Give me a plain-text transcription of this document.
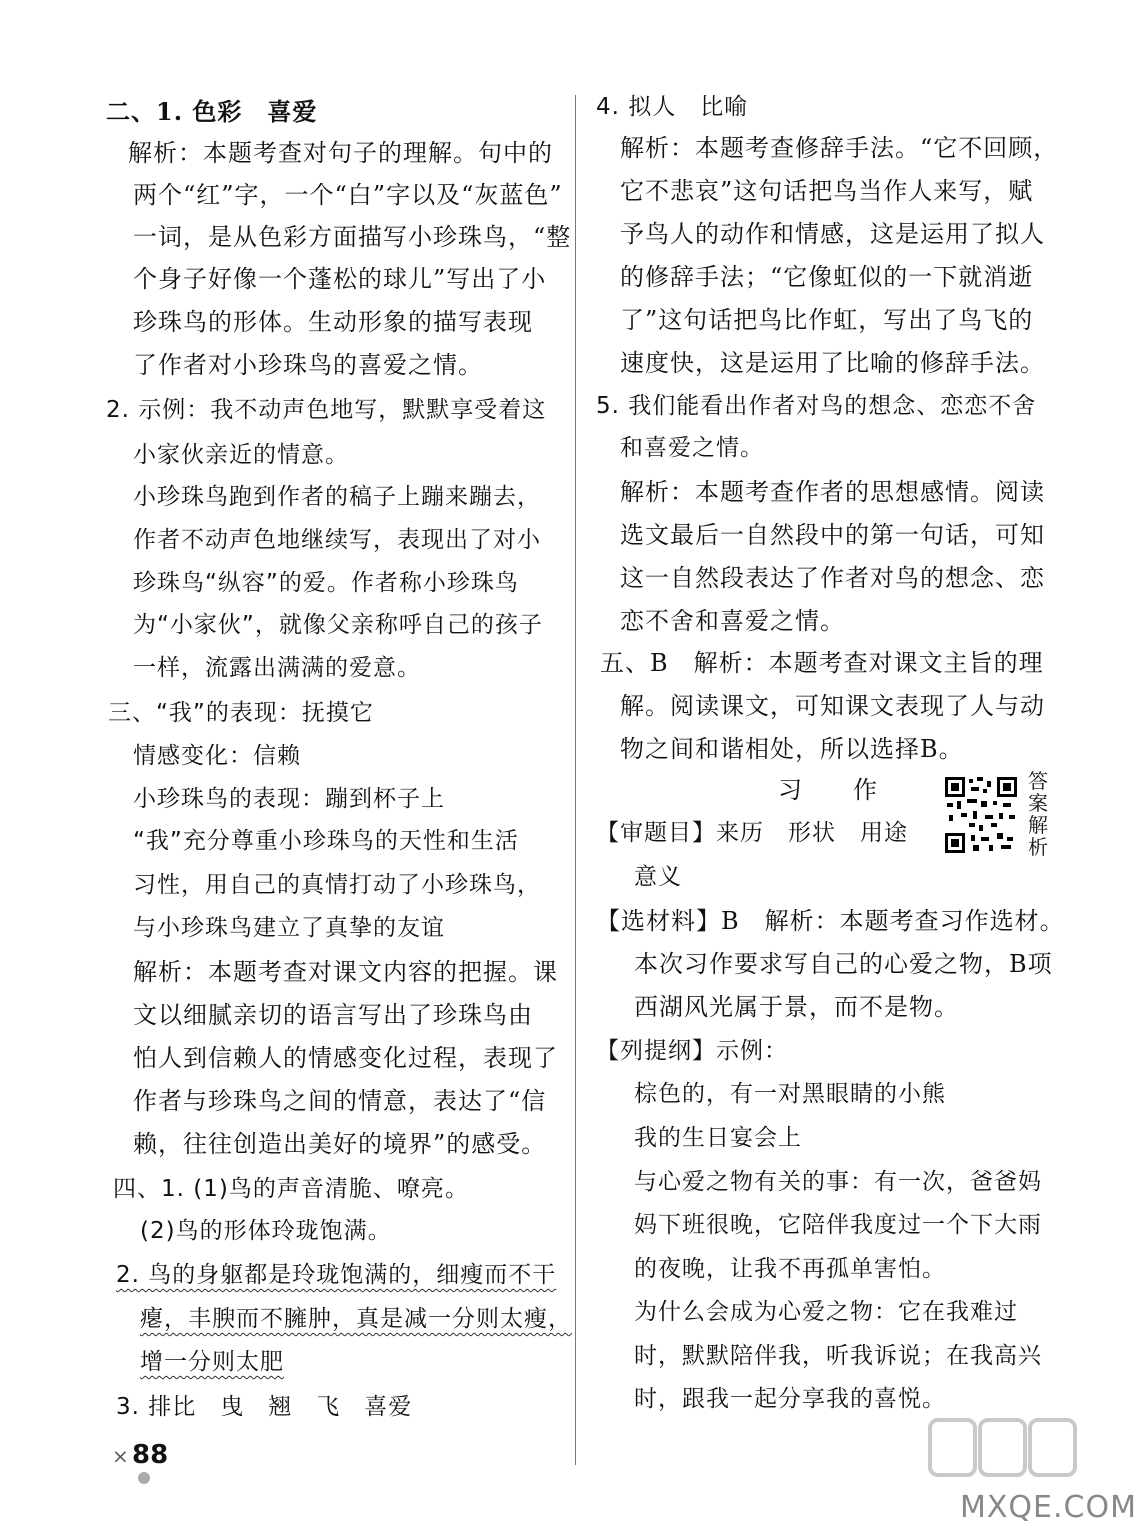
二、1. 色彩　喜爱
解析：本题考查对句子的理解。句中的
两个“红”字，一个“白”字以及“灰蓝色”
一词，是从色彩方面描写小珍珠鸟，“整
个身子好像一个蓬松的球儿”写出了小
珍珠鸟的形体。生动形象的描写表现
了作者对小珍珠鸟的喜爱之情。
2. 示例：我不动声色地写，默默享受着这
小家伙亲近的情意。
小珍珠鸟跑到作者的稿子上蹦来蹦去，
作者不动声色地继续写，表现出了对小
珍珠鸟“纵容”的爱。作者称小珍珠鸟
为“小家伙”，就像父亲称呼自己的孩子
一样，流露出满满的爱意。
三、“我”的表现：抚摸它
情感变化：信赖
小珍珠鸟的表现：蹦到杯子上
“我”充分尊重小珍珠鸟的天性和生活
习性，用自己的真情打动了小珍珠鸟，
与小珍珠鸟建立了真挚的友谊
解析：本题考查对课文内容的把握。课
文以细腻亲切的语言写出了珍珠鸟由
怕人到信赖人的情感变化过程，表现了
作者与珍珠鸟之间的情意，表达了“信
赖，往往创造出美好的境界”的感受。
四、1. (1)鸟的声音清脆、嘹亮。
(2)鸟的形体玲珑饱满。
2. 鸟的身躯都是玲珑饱满的，细瘦而不干
瘪，丰腴而不臃肿，真是减一分则太瘦，
增一分则太肥
3. 排比　曳　翘　飞　喜爱
4. 拟人　比喻
解析：本题考查修辞手法。“它不回顾，
它不悲哀”这句话把鸟当作人来写，赋
予鸟人的动作和情感，这是运用了拟人
的修辞手法；“它像虹似的一下就消逝
了”这句话把鸟比作虹，写出了鸟飞的
速度快，这是运用了比喻的修辞手法。
5. 我们能看出作者对鸟的想念、恋恋不舍
和喜爱之情。
解析：本题考查作者的思想感情。阅读
选文最后一自然段中的第一句话，可知
这一自然段表达了作者对鸟的想念、恋
恋不舍和喜爱之情。
五、B　解析：本题考查对课文主旨的理
解。阅读课文，可知课文表现了人与动
物之间和谐相处，所以选择B。
习　　作
【审题目】来历　形状　用途
意义
【选材料】B　解析：本题考查习作选材。
本次习作要求写自己的心爱之物，B项
西湖风光属于景，而不是物。
【列提纲】示例：
棕色的，有一对黑眼睛的小熊
我的生日宴会上
与心爱之物有关的事：有一次，爸爸妈
妈下班很晚，它陪伴我度过一个下大雨
的夜晚，让我不再孤单害怕。
为什么会成为心爱之物：它在我难过
时，默默陪伴我，听我诉说；在我高兴
时，跟我一起分享我的喜悦。
答案解析
× 88
MXQE.COM
